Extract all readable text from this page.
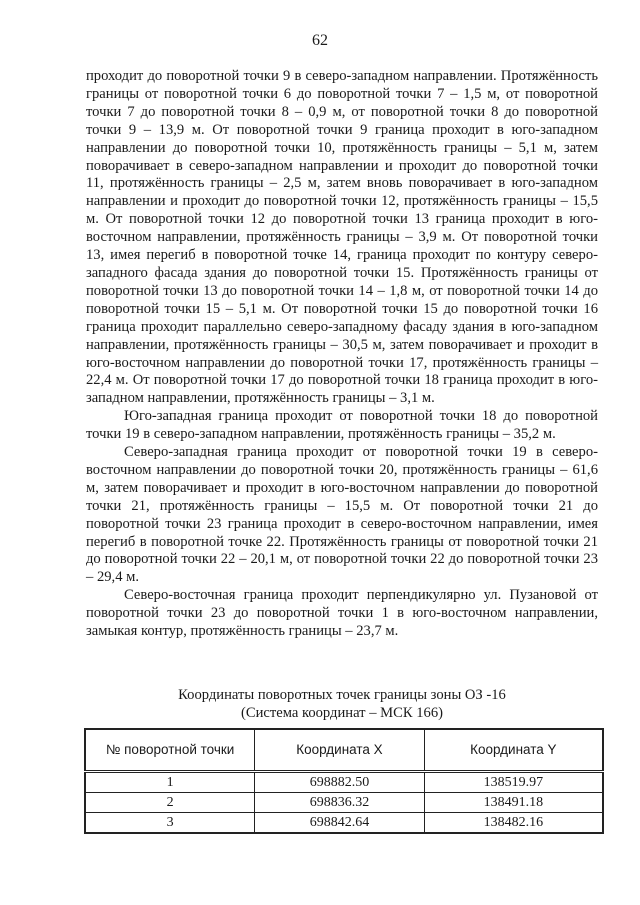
62

проходит до поворотной точки 9 в северо-западном направлении. Протяжённость границы от поворотной точки 6 до поворотной точки 7 – 1,5 м, от поворотной точки 7 до поворотной точки 8 – 0,9 м, от поворотной точки 8 до поворотной точки 9 – 13,9 м. От поворотной точки 9 граница проходит в юго-западном направлении до поворотной точки 10, протяжённость границы – 5,1 м, затем поворачивает в северо-западном направлении и проходит до поворотной точки 11, протяжённость границы – 2,5 м, затем вновь поворачивает в юго-западном направлении и проходит до поворотной точки 12, протяжённость границы – 15,5 м. От поворотной точки 12 до поворотной точки 13 граница проходит в юго-восточном направлении, протяжённость границы – 3,9 м. От поворотной точки 13, имея перегиб в поворотной точке 14, граница проходит по контуру северо-западного фасада здания до поворотной точки 15. Протяжённость границы от поворотной точки 13 до поворотной точки 14 – 1,8 м, от поворотной точки 14 до поворотной точки 15 – 5,1 м. От поворотной точки 15 до поворотной точки 16 граница проходит параллельно северо-западному фасаду здания в юго-западном направлении, протяжённость границы – 30,5 м, затем поворачивает и проходит в юго-восточном направлении до поворотной точки 17, протяжённость границы – 22,4 м. От поворотной точки 17 до поворотной точки 18 граница проходит в юго-западном направлении, протяжённость границы – 3,1 м.

Юго-западная граница проходит от поворотной точки 18 до поворотной точки 19 в северо-западном направлении, протяжённость границы – 35,2 м.

Северо-западная граница проходит от поворотной точки 19 в северо-восточном направлении до поворотной точки 20, протяжённость границы – 61,6 м, затем поворачивает и проходит в юго-восточном направлении до поворотной точки 21, протяжённость границы – 15,5 м. От поворотной точки 21 до поворотной точки 23 граница проходит в северо-восточном направлении, имея перегиб в поворотной точке 22. Протяжённость границы от поворотной точки 21 до поворотной точки 22 – 20,1 м, от поворотной точки 22 до поворотной точки 23 – 29,4 м.

Северо-восточная граница проходит перпендикулярно ул. Пузановой от поворотной точки 23 до поворотной точки 1 в юго-восточном направлении, замыкая контур, протяжённость границы – 23,7 м.

Координаты поворотных точек границы зоны ОЗ -16
(Система координат – МСК 166)
№ поворотной точки	Координата X	Координата Y
1	698882.50	138519.97
2	698836.32	138491.18
3	698842.64	138482.16
